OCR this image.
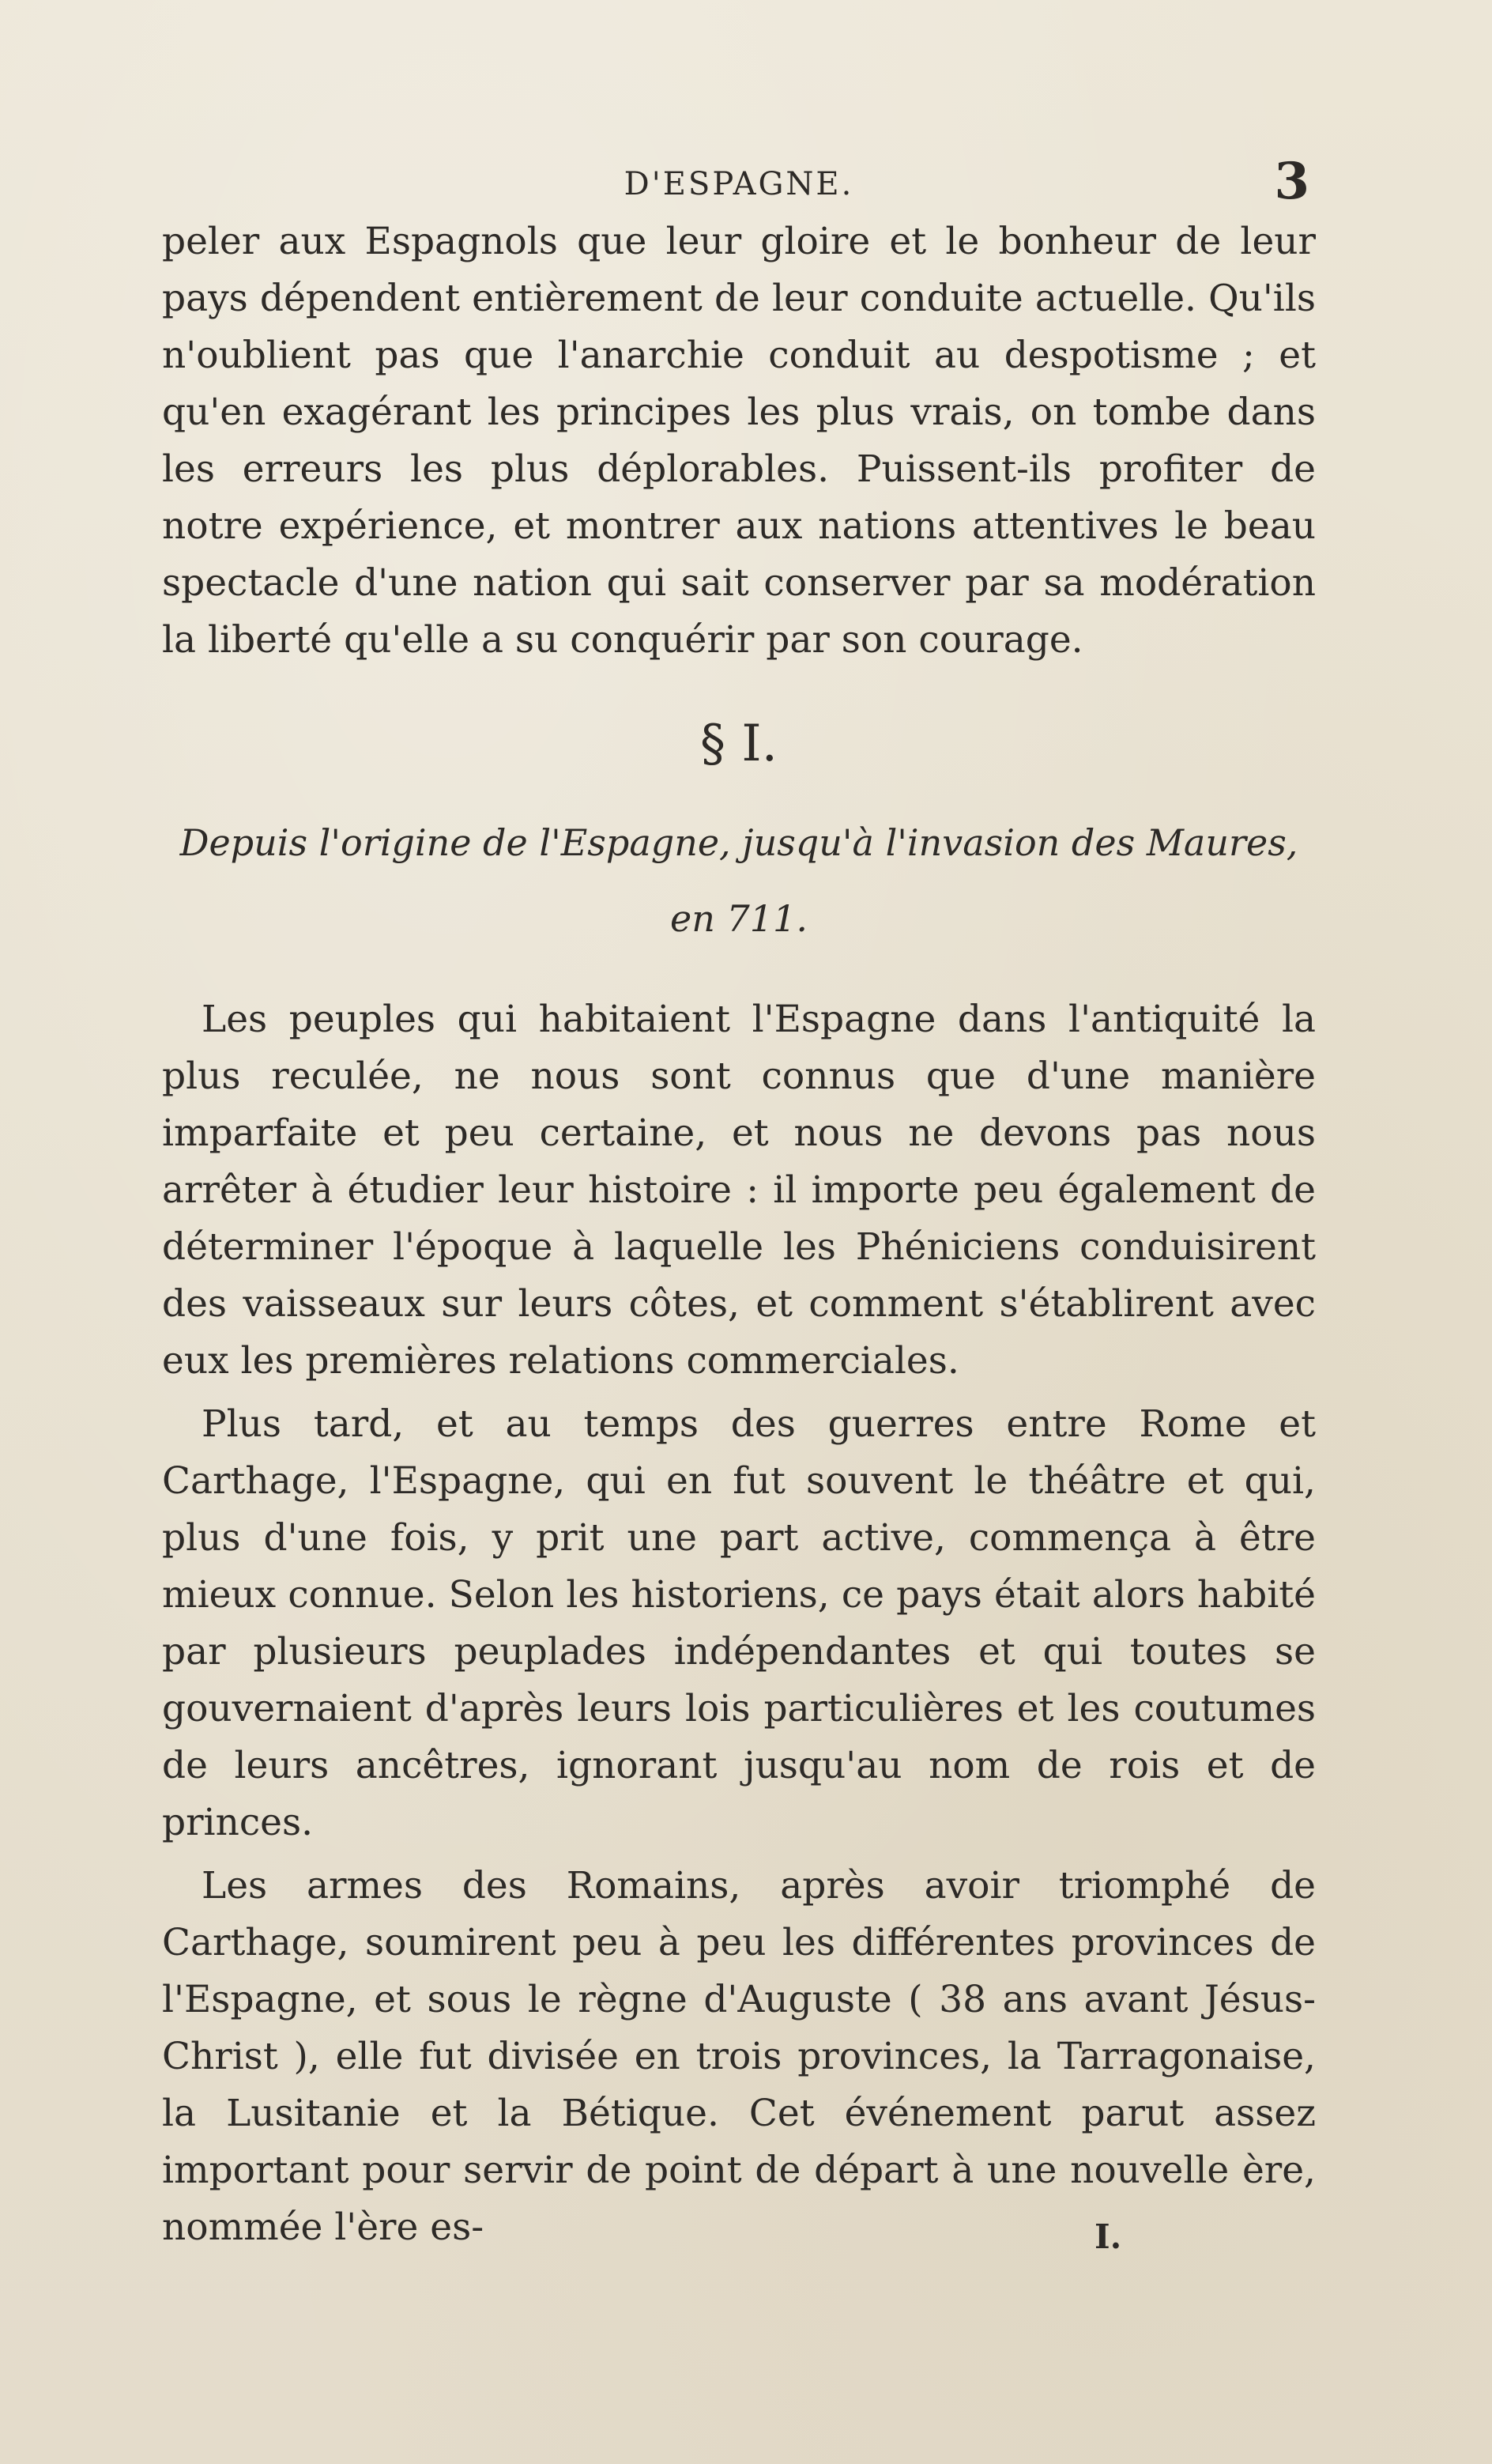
D'ESPAGNE.	3

peler aux Espagnols que leur gloire et le bonheur de leur pays dépendent entièrement de leur conduite actuelle. Qu'ils n'oublient pas que l'anarchie conduit au despotisme ; et qu'en exagérant les principes les plus vrais, on tombe dans les erreurs les plus déplorables. Puissent-ils profiter de notre expérience, et montrer aux nations attentives le beau spectacle d'une nation qui sait conserver par sa modération la liberté qu'elle a su conquérir par son courage.

§ I.
Depuis l'origine de l'Espagne, jusqu'à l'invasion des Maures, en 711.

Les peuples qui habitaient l'Espagne dans l'antiquité la plus reculée, ne nous sont connus que d'une manière imparfaite et peu certaine, et nous ne devons pas nous arrêter à étudier leur histoire : il importe peu également de déterminer l'époque à laquelle les Phéniciens conduisirent des vaisseaux sur leurs côtes, et comment s'établirent avec eux les premières relations commerciales.

Plus tard, et au temps des guerres entre Rome et Carthage, l'Espagne, qui en fut souvent le théâtre et qui, plus d'une fois, y prit une part active, commença à être mieux connue. Selon les historiens, ce pays était alors habité par plusieurs peuplades indépendantes et qui toutes se gouvernaient d'après leurs lois particulières et les coutumes de leurs ancêtres, ignorant jusqu'au nom de rois et de princes.

Les armes des Romains, après avoir triomphé de Carthage, soumirent peu à peu les différentes provinces de l'Espagne, et sous le règne d'Auguste ( 38 ans avant Jésus-Christ ), elle fut divisée en trois provinces, la Tarragonaise, la Lusitanie et la Bétique. Cet événement parut assez important pour servir de point de départ à une nouvelle ère, nommée l'ère es-	I.
